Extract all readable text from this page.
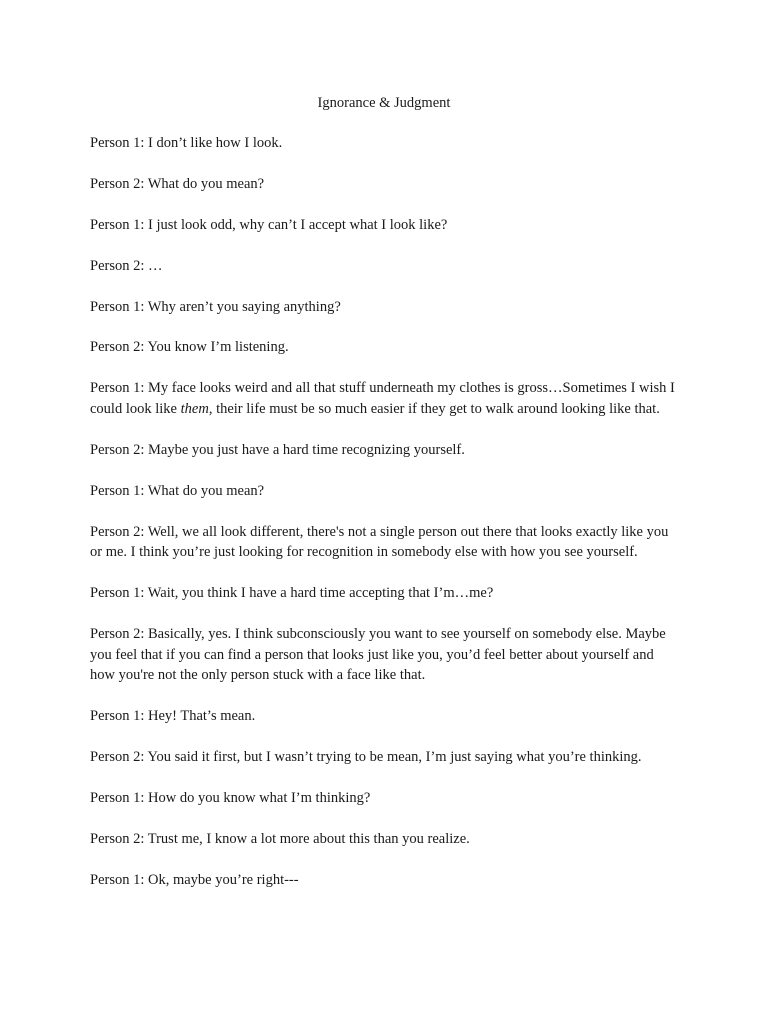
Ignorance & Judgment

Person 1: I don’t like how I look.

Person 2: What do you mean?

Person 1: I just look odd, why can’t I accept what I look like?

Person 2: …

Person 1: Why aren’t you saying anything?

Person 2: You know I’m listening.

Person 1: My face looks weird and all that stuff underneath my clothes is gross…Sometimes I wish I could look like them, their life must be so much easier if they get to walk around looking like that.

Person 2: Maybe you just have a hard time recognizing yourself.

Person 1: What do you mean?

Person 2: Well, we all look different, there's not a single person out there that looks exactly like you or me. I think you’re just looking for recognition in somebody else with how you see yourself.

Person 1: Wait, you think I have a hard time accepting that I’m…me?

Person 2: Basically, yes. I think subconsciously you want to see yourself on somebody else. Maybe you feel that if you can find a person that looks just like you, you’d feel better about yourself and how you're not the only person stuck with a face like that.

Person 1: Hey! That’s mean.

Person 2: You said it first, but I wasn’t trying to be mean, I’m just saying what you’re thinking.

Person 1: How do you know what I’m thinking?

Person 2: Trust me, I know a lot more about this than you realize.

Person 1: Ok, maybe you’re right---
